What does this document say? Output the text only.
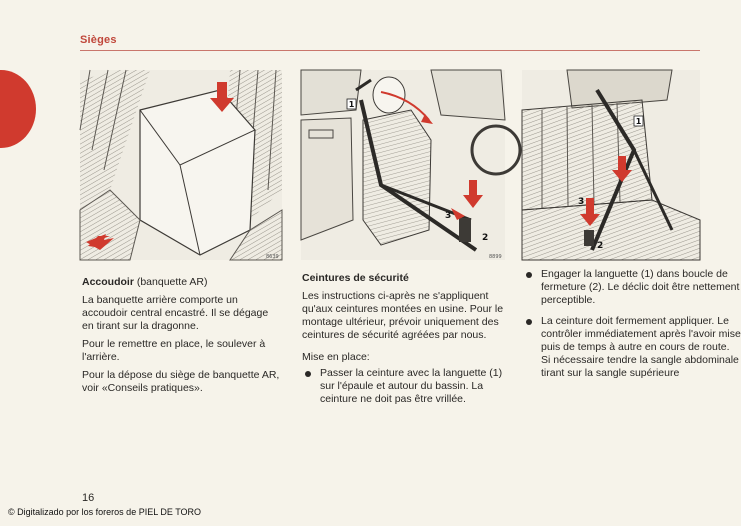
Sièges
8639
1
2
3
8899
1
2
3

Accoudoir (banquette AR)

La banquette arrière comporte un accoudoir central encastré. Il se dégage en tirant sur la dragonne.

Pour le remettre en place, le soulever à l'arrière.

Pour la dépose du siège de banquette AR, voir «Conseils pratiques».

Ceintures de sécurité

Les instructions ci-après ne s'appliquent qu'aux ceintures montées en usine. Pour le montage ultérieur, prévoir uniquement des ceintures de sécurité agréées par nous.

Mise en place:

Passer la ceinture avec la languette (1) sur l'épaule et autour du bassin. La ceinture ne doit pas être vrillée.

Engager la languette (1) dans boucle de fermeture (2). Le déclic doit être nettement perceptible.

La ceinture doit fermement appliquer. Le contrôler immédiatement après l'avoir mise puis de temps à autre en cours de route. Si nécessaire tendre la sangle abdominale tirant sur la sangle supérieure

16
© Digitalizado por los foreros de PIEL DE TORO
